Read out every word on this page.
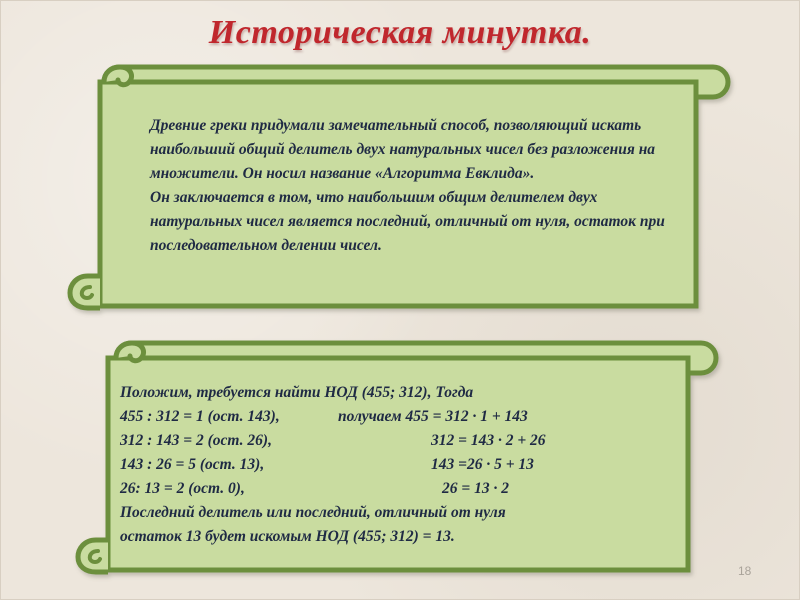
Историческая минутка.
Древние греки придумали замечательный способ, позволяющий искать наибольший общий делитель двух натуральных чисел без разложения на множители. Он носил название «Алгоритма Евклида».
Он заключается в том, что наибольшим общим делителем двух натуральных чисел является последний, отличный от нуля, остаток при последовательном делении чисел.
Положим, требуется найти НОД (455; 312), Тогда
455 : 312 = 1 (ост. 143),	получаем 455 = 312 · 1 + 143
312 : 143 = 2 (ост. 26),	312 = 143 · 2 + 26
143 : 26 = 5 (ост. 13),	143 =26 · 5 + 13
26: 13 = 2 (ост. 0),	26 = 13 · 2
Последний делитель или последний, отличный от нуля
остаток 13 будет искомым НОД (455; 312) = 13.
18
